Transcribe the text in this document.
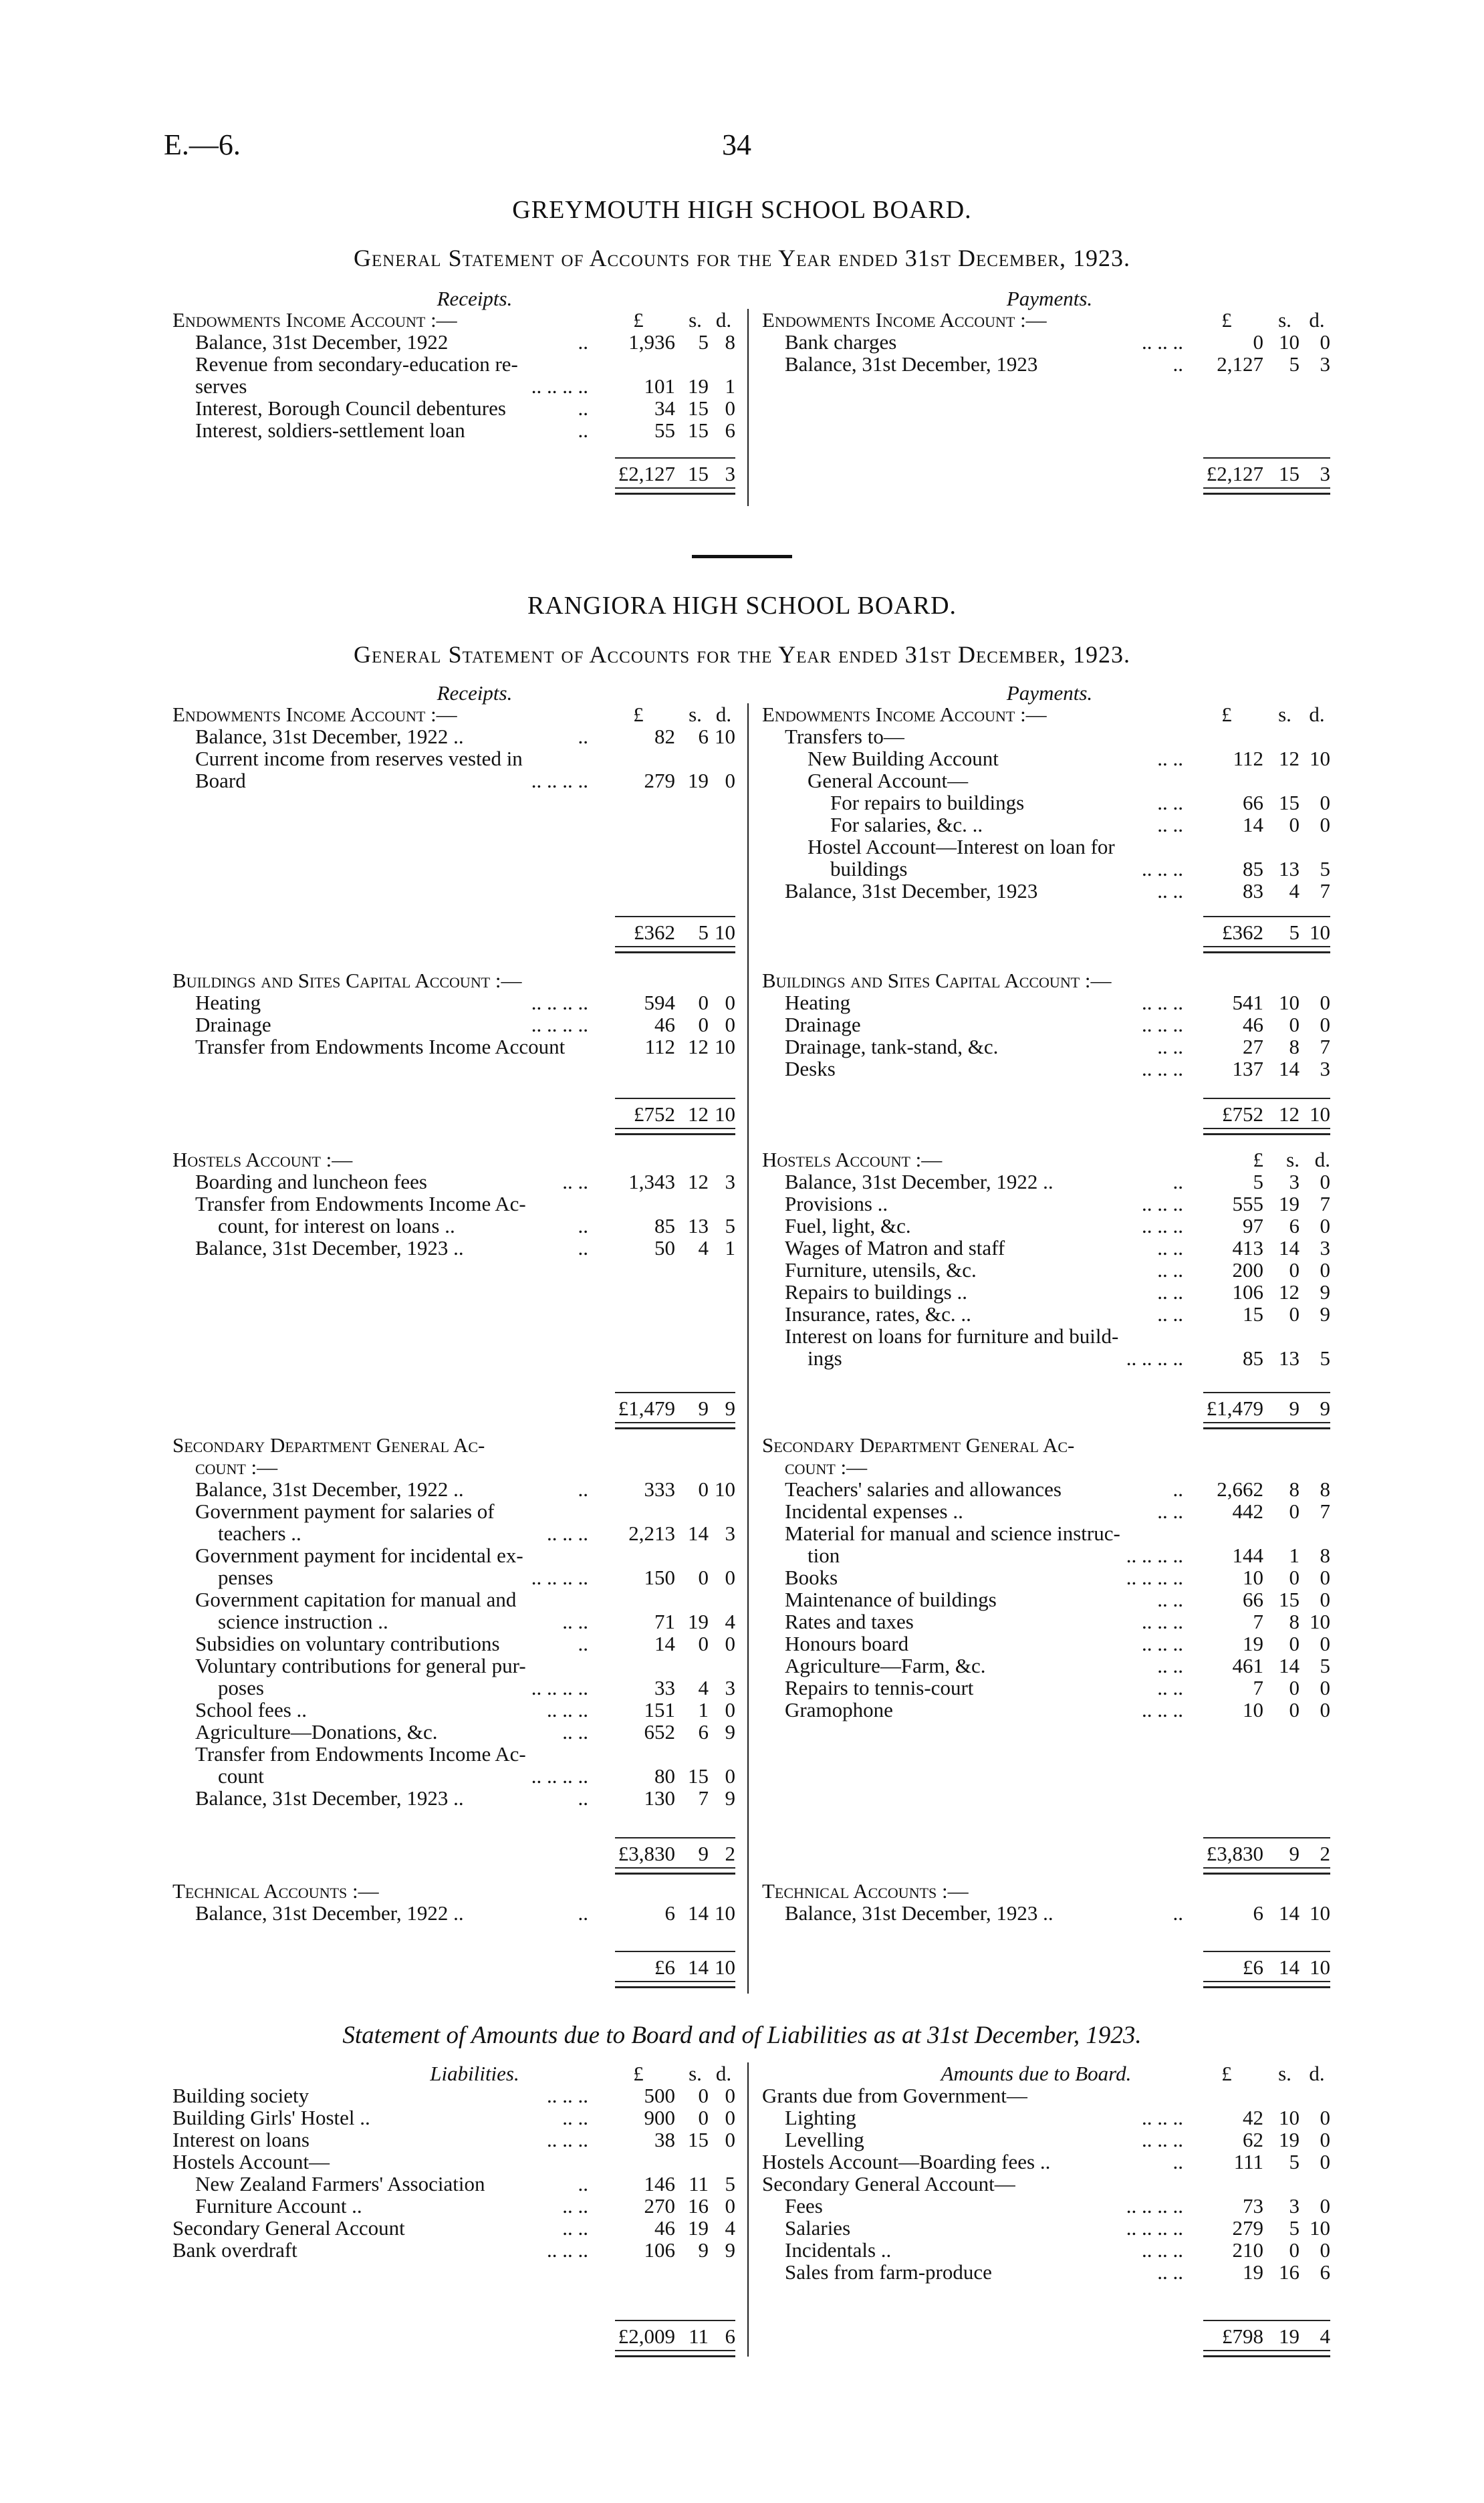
E.—6.	34
GREYMOUTH HIGH SCHOOL BOARD.
General Statement of Accounts for the Year ended 31st December, 1923.
Receipts.	Payments.
£	s. d.	£	s. d.
Endowments Income Account :—
Balance, 31st December, 1922	..	1,936	5 8
Revenue from secondary-education re-
serves	.. .. .. ..	101 19 1
Interest, Borough Council debentures	..	34 15 0
Interest, soldiers-settlement loan	..	55 15 6
Endowments Income Account :—
Bank charges	.. .. ..	0 10 0
Balance, 31st December, 1923	..	2,127	5 3
£2,127 15 3	£2,127 15 3
RANGIORA HIGH SCHOOL BOARD.
General Statement of Accounts for the Year ended 31st December, 1923.
Receipts.	Payments.
£	s. d.	£	s. d.
Endowments Income Account :—
Balance, 31st December, 1922 ..	..	82	6 10
Current income from reserves vested in
Board	.. .. .. ..	279 19 0
Endowments Income Account :—
Transfers to—
New Building Account	.. ..	112 12 10
General Account—
For repairs to buildings	.. ..	66 15 0
For salaries, &c. ..	.. ..	14	0 0
Hostel Account—Interest on loan for
buildings	.. .. ..	85 13 5
Balance, 31st December, 1923	.. ..	83	4 7
£362	5 10	£362	5 10
Buildings and Sites Capital Account :—
Heating	.. .. .. ..	594	0 0
Drainage	.. .. .. ..	46	0 0
Transfer from Endowments Income Account	112 12 10
Buildings and Sites Capital Account :—
Heating	.. .. ..	541 10 0
Drainage	.. .. ..	46	0 0
Drainage, tank-stand, &c.	.. ..	27	8 7
Desks	.. .. ..	137 14 3
£752 12 10	£752 12 10
Hostels Account :—
Boarding and luncheon fees	.. ..	1,343 12 3
Transfer from Endowments Income Ac-
count, for interest on loans ..	..	85 13 5
Balance, 31st December, 1923 ..	..	50	4 1
Hostels Account :—	£	s. d.
Balance, 31st December, 1922 ..	..	5	3 0
Provisions ..	.. .. ..	555 19 7
Fuel, light, &c.	.. .. ..	97	6 0
Wages of Matron and staff	.. ..	413 14 3
Furniture, utensils, &c.	.. ..	200	0 0
Repairs to buildings ..	.. ..	106 12 9
Insurance, rates, &c. ..	.. ..	15	0 9
Interest on loans for furniture and build-
ings	.. .. .. ..	85 13 5
£1,479	9 9	£1,479	9 9
Secondary Department General Ac-
count :—
Balance, 31st December, 1922 ..	..	333	0 10
Government payment for salaries of
teachers ..	.. .. ..	2,213 14 3
Government payment for incidental ex-
penses	.. .. .. ..	150	0 0
Government capitation for manual and
science instruction ..	.. ..	71 19 4
Subsidies on voluntary contributions	..	14	0 0
Voluntary contributions for general pur-
poses	.. .. .. ..	33	4 3
School fees ..	.. .. ..	151	1 0
Agriculture—Donations, &c.	.. ..	652	6 9
Transfer from Endowments Income Ac-
count	.. .. .. ..	80 15 0
Balance, 31st December, 1923 ..	..	130	7 9
Secondary Department General Ac-
count :—
Teachers' salaries and allowances	..	2,662	8 8
Incidental expenses ..	.. ..	442	0 7
Material for manual and science instruc-
tion	.. .. .. ..	144	1 8
Books	.. .. .. ..	10	0 0
Maintenance of buildings	.. ..	66 15 0
Rates and taxes	.. .. ..	7	8 10
Honours board	.. .. ..	19	0 0
Agriculture—Farm, &c.	.. ..	461 14 5
Repairs to tennis-court	.. ..	7	0 0
Gramophone	.. .. ..	10	0 0
£3,830	9 2	£3,830	9 2
Technical Accounts :—
Balance, 31st December, 1922 ..	..	6 14 10
Technical Accounts :—
Balance, 31st December, 1923 ..	..	6 14 10
£6 14 10	£6 14 10
Statement of Amounts due to Board and of Liabilities as at 31st December, 1923.
Liabilities.	Amounts due to Board.
£	s. d.	£	s. d.
Building society	.. .. ..	500	0 0
Building Girls' Hostel ..	.. ..	900	0 0
Interest on loans	.. .. ..	38 15 0
Hostels Account—
New Zealand Farmers' Association	..	146 11 5
Furniture Account ..	.. ..	270 16 0
Secondary General Account	.. ..	46 19 4
Bank overdraft	.. .. ..	106	9 9
Grants due from Government—
Lighting	.. .. ..	42 10 0
Levelling	.. .. ..	62 19 0
Hostels Account—Boarding fees ..	..	111	5 0
Secondary General Account—
Fees	.. .. .. ..	73	3 0
Salaries	.. .. .. ..	279	5 10
Incidentals ..	.. .. ..	210	0 0
Sales from farm-produce	.. ..	19 16 6
£2,009 11 6	£798 19 4
